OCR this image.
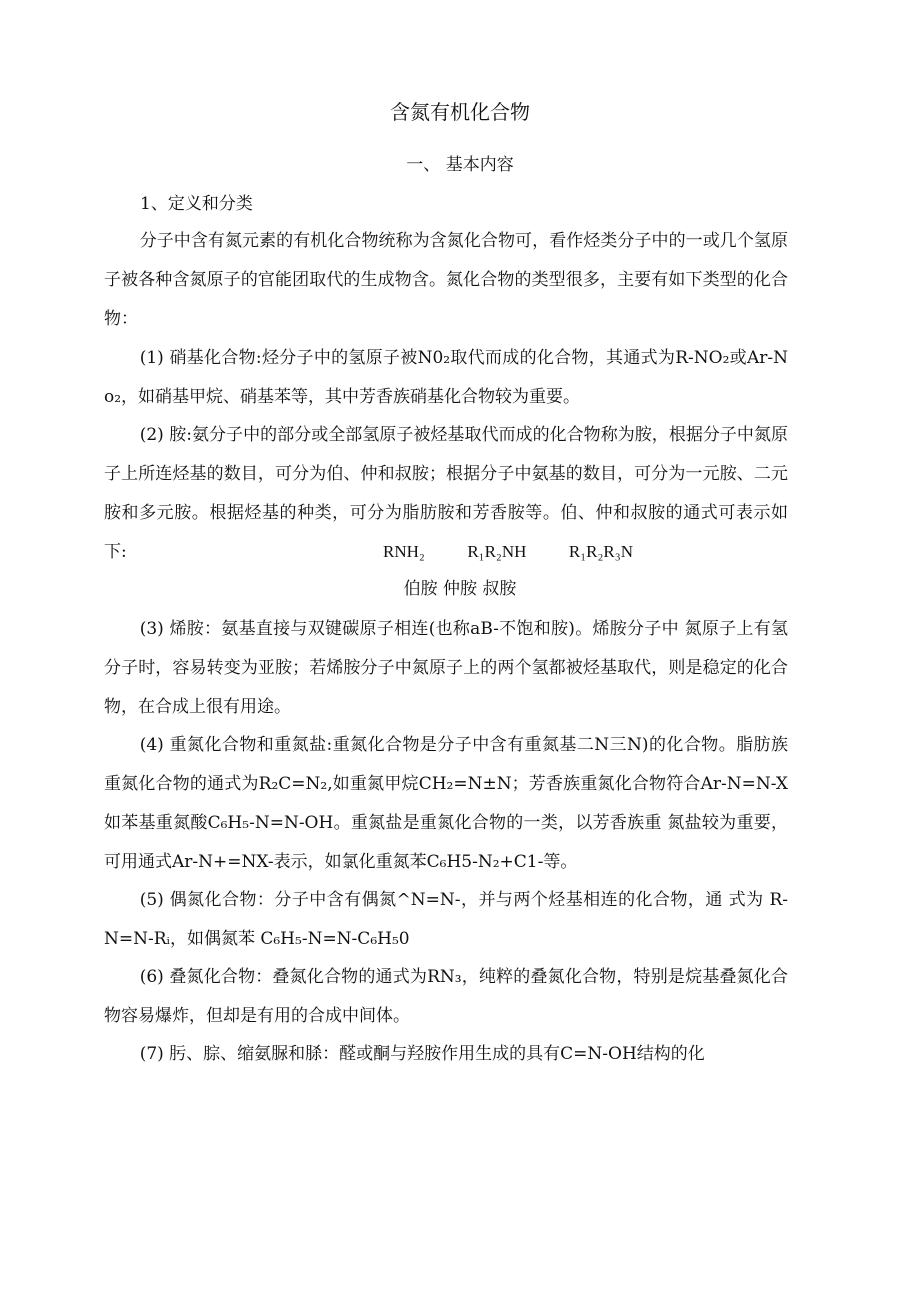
含氮有机化合物
一、 基本内容
1、定义和分类
分子中含有氮元素的有机化合物统称为含氮化合物可，看作烃类分子中的一或几个氢原子被各种含氮原子的官能团取代的生成物含。氮化合物的类型很多，主要有如下类型的化合物：
(1) 硝基化合物:烃分子中的氢原子被N0₂取代而成的化合物，其通式为R-NO₂或Ar-N o₂，如硝基甲烷、硝基苯等，其中芳香族硝基化合物较为重要。
(2) 胺:氨分子中的部分或全部氢原子被烃基取代而成的化合物称为胺，根据分子中氮原子上所连烃基的数目，可分为伯、仲和叔胺；根据分子中氨基的数目，可分为一元胺、二元胺和多元胺。根据烃基的种类，可分为脂肪胺和芳香胺等。伯、仲和叔胺的通式可表示如下:	RNH₂          R₁R₂NH          R₁R₂R₃N
伯胺 仲胺 叔胺
(3) 烯胺：氨基直接与双键碳原子相连(也称aB-不饱和胺)。烯胺分子中 氮原子上有氢分子时，容易转变为亚胺；若烯胺分子中氮原子上的两个氢都被烃基取代，则是稳定的化合物，在合成上很有用途。
(4) 重氮化合物和重氮盐:重氮化合物是分子中含有重氮基二N三N)的化合物。脂肪族重氮化合物的通式为R₂C=N₂,如重氮甲烷CH₂=N±N；芳香族重氮化合物符合Ar-N=N-X如苯基重氮酸C₆H₅-N=N-OH。重氮盐是重氮化合物的一类，以芳香族重 氮盐较为重要，可用通式Ar-N+=NX-表示，如氯化重氮苯C₆H5-N₂+C1-等。
(5) 偶氮化合物：分子中含有偶氮^N=N-，并与两个烃基相连的化合物，通 式为 R-N=N-Rᵢ，如偶氮苯 C₆H₅-N=N-C₆H₅0
(6) 叠氮化合物：叠氮化合物的通式为RN₃，纯粹的叠氮化合物，特别是烷基叠氮化合物容易爆炸，但却是有用的合成中间体。
(7) 肟、腙、缩氨脲和脎：醛或酮与羟胺作用生成的具有C=N-OH结构的化
